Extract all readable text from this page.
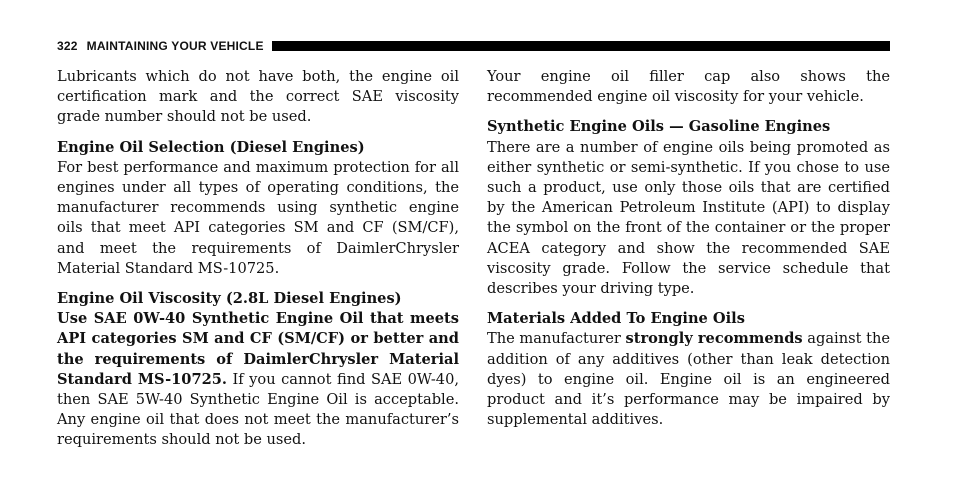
322 MAINTAINING YOUR VEHICLE

Lubricants which do not have both, the engine oil certification mark and the correct SAE viscosity grade number should not be used.

Engine Oil Selection (Diesel Engines)

For best performance and maximum protection for all engines under all types of operating conditions, the manufacturer recommends using synthetic engine oils that meet API categories SM and CF (SM/CF), and meet the requirements of DaimlerChrysler Material Standard MS-10725.

Engine Oil Viscosity (2.8L Diesel Engines)

Use SAE 0W-40 Synthetic Engine Oil that meets API categories SM and CF (SM/CF) or better and the requirements of DaimlerChrysler Material Standard MS-10725. If you cannot find SAE 0W-40, then SAE 5W-40 Synthetic Engine Oil is acceptable. Any engine oil that does not meet the manufacturer’s requirements should not be used.

Your engine oil filler cap also shows the recommended engine oil viscosity for your vehicle.

Synthetic Engine Oils — Gasoline Engines

There are a number of engine oils being promoted as either synthetic or semi-synthetic. If you chose to use such a product, use only those oils that are certified by the American Petroleum Institute (API) to display the symbol on the front of the container or the proper ACEA category and show the recommended SAE viscosity grade. Follow the service schedule that describes your driving type.

Materials Added To Engine Oils

The manufacturer strongly recommends against the addition of any additives (other than leak detection dyes) to engine oil. Engine oil is an engineered product and it’s performance may be impaired by supplemental additives.
